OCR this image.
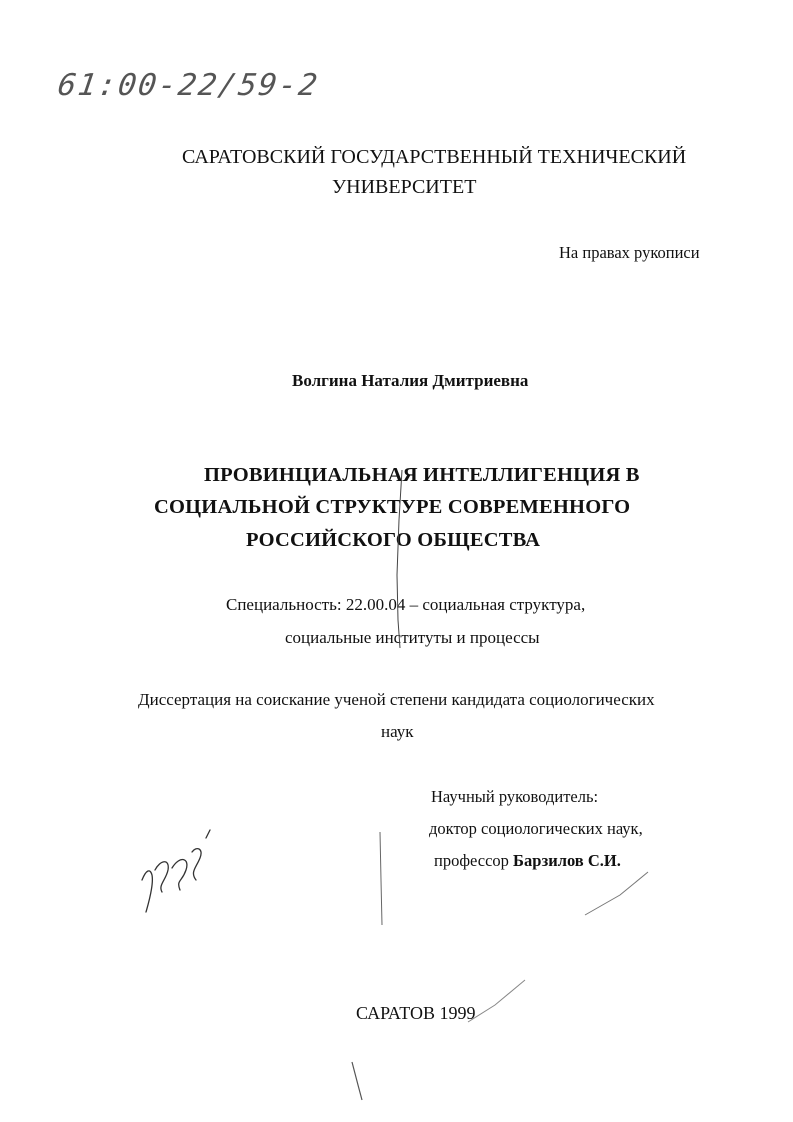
61:00-22/59-2
САРАТОВСКИЙ ГОСУДАРСТВЕННЫЙ ТЕХНИЧЕСКИЙ
УНИВЕРСИТЕТ
На правах рукописи
Волгина Наталия Дмитриевна
ПРОВИНЦИАЛЬНАЯ ИНТЕЛЛИГЕНЦИЯ В
СОЦИАЛЬНОЙ СТРУКТУРЕ СОВРЕМЕННОГО
РОССИЙСКОГО ОБЩЕСТВА
Специальность: 22.00.04 – социальная структура,
социальные институты и процессы
Диссертация на соискание ученой степени кандидата социологических
наук
Научный руководитель:
доктор социологических наук,
профессор Барзилов С.И.
САРАТОВ 1999
